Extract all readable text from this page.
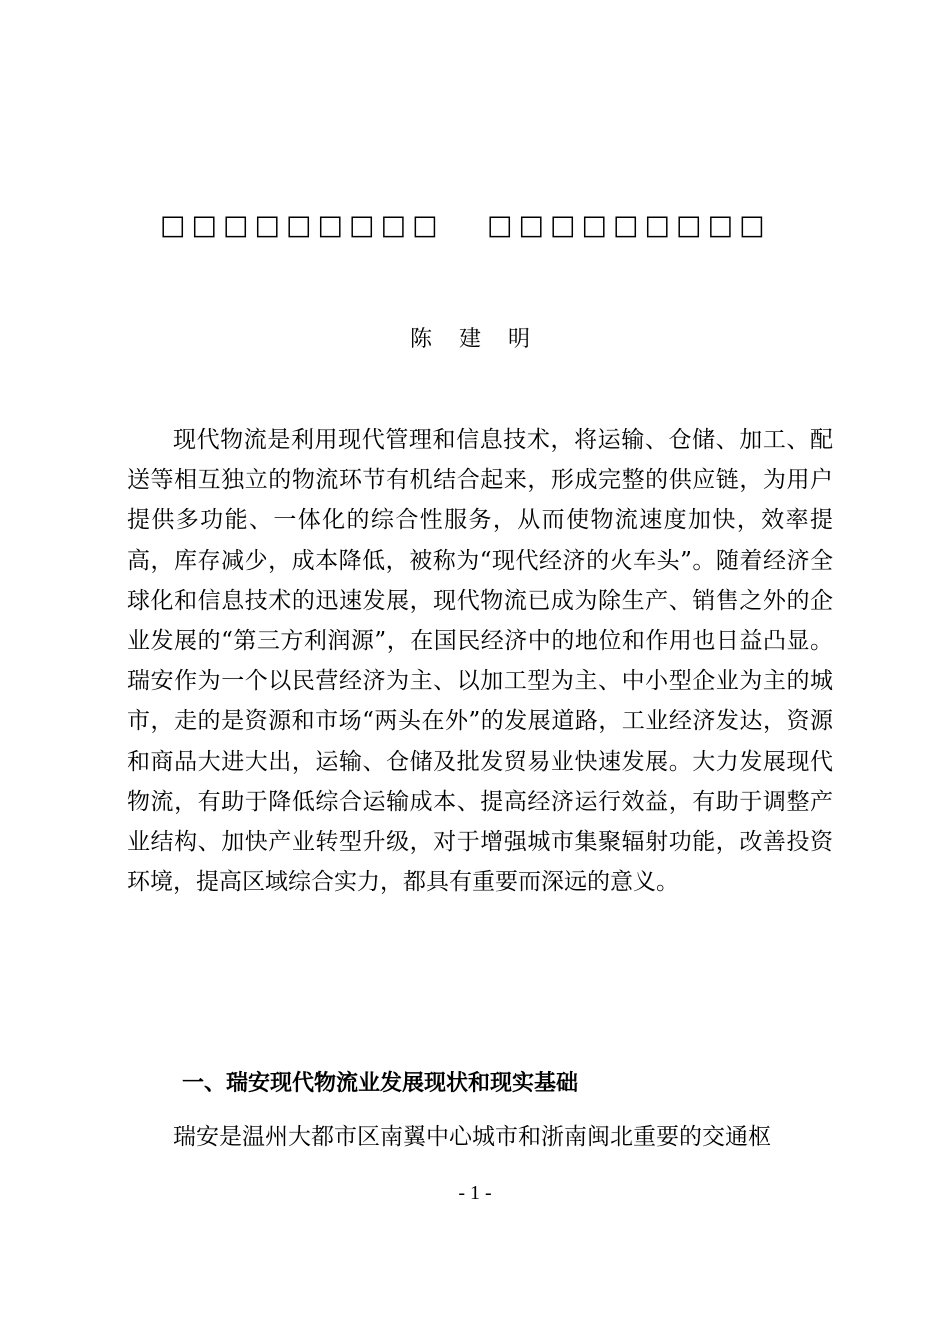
□□□□□□□□□ □□□□□□□□□
陈 建 明

现代物流是利用现代管理和信息技术，将运输、仓储、加工、配送等相互独立的物流环节有机结合起来，形成完整的供应链，为用户提供多功能、一体化的综合性服务，从而使物流速度加快，效率提高，库存减少，成本降低，被称为“现代经济的火车头”。随着经济全球化和信息技术的迅速发展，现代物流已成为除生产、销售之外的企业发展的“第三方利润源”，在国民经济中的地位和作用也日益凸显。瑞安作为一个以民营经济为主、以加工型为主、中小型企业为主的城市，走的是资源和市场“两头在外”的发展道路，工业经济发达，资源和商品大进大出，运输、仓储及批发贸易业快速发展。大力发展现代物流，有助于降低综合运输成本、提高经济运行效益，有助于调整产业结构、加快产业转型升级，对于增强城市集聚辐射功能，改善投资环境，提高区域综合实力，都具有重要而深远的意义。

一、瑞安现代物流业发展现状和现实基础

瑞安是温州大都市区南翼中心城市和浙南闽北重要的交通枢

- 1 -
